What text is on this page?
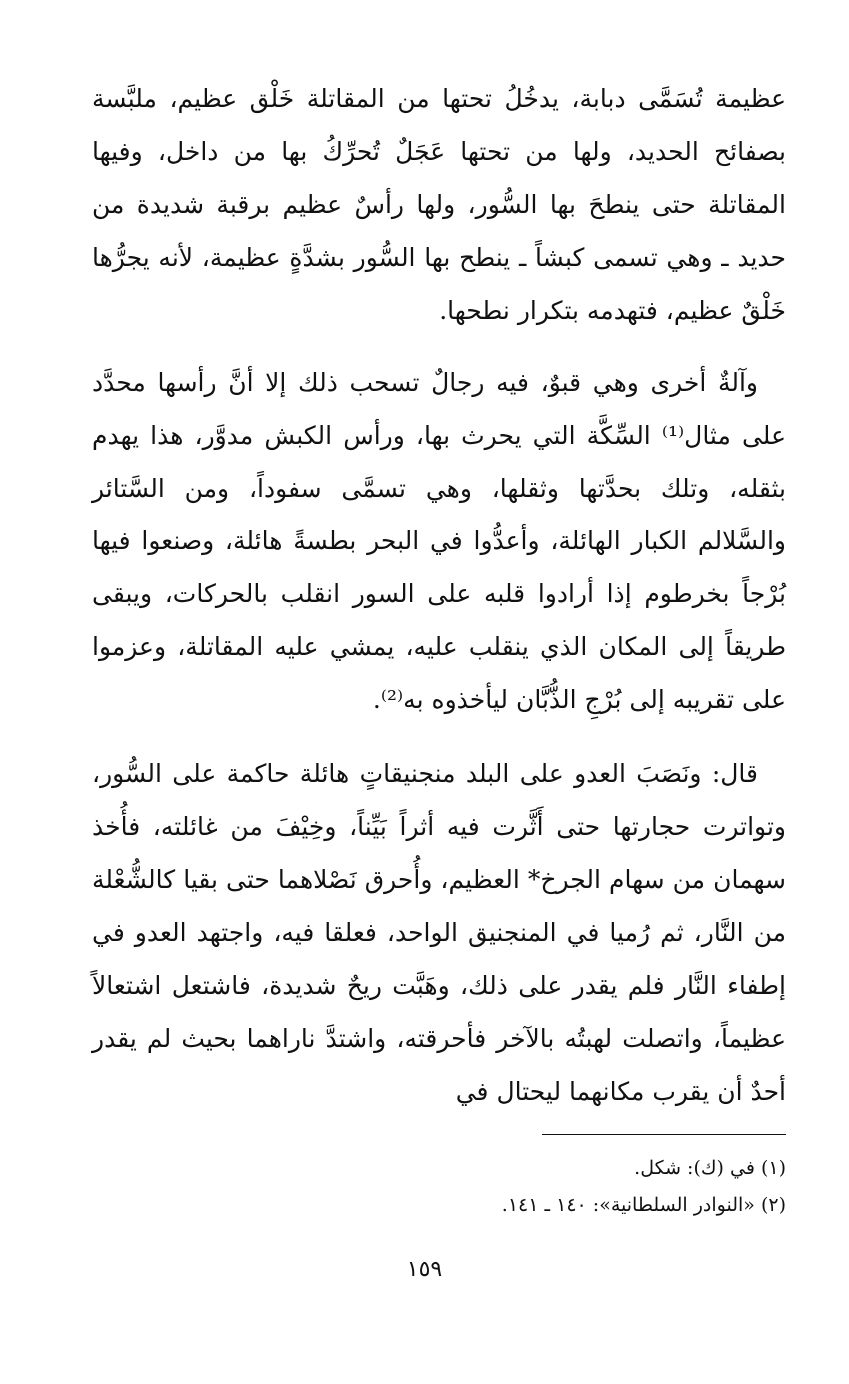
عظيمة تُسَمَّى دبابة، يدخُلُ تحتها من المقاتلة خَلْق عظيم، ملبَّسة بصفائح الحديد، ولها من تحتها عَجَلٌ تُحرِّكُ بها من داخل، وفيها المقاتلة حتى ينطحَ بها السُّور، ولها رأسٌ عظيم برقبة شديدة من حديد ـ وهي تسمى كبشاً ـ ينطح بها السُّور بشدَّةٍ عظيمة، لأنه يجرُّها خَلْقٌ عظيم، فتهدمه بتكرار نطحها.

وآلةٌ أخرى وهي قبوٌ، فيه رجالٌ تسحب ذلك إلا أنَّ رأسها محدَّد على مثال⁽¹⁾ السِّكَّة التي يحرث بها، ورأس الكبش مدوَّر، هذا يهدم بثقله، وتلك بحدَّتها وثقلها، وهي تسمَّى سفوداً، ومن السَّتائر والسَّلالم الكبار الهائلة، وأعدُّوا في البحر بطسةً هائلة، وصنعوا فيها بُرْجاً بخرطوم إذا أرادوا قلبه على السور انقلب بالحركات، ويبقى طريقاً إلى المكان الذي ينقلب عليه، يمشي عليه المقاتلة، وعزموا على تقريبه إلى بُرْجِ الذُّبَّان ليأخذوه به⁽²⁾.

قال: ونَصَبَ العدو على البلد منجنيقاتٍ هائلة حاكمة على السُّور، وتواترت حجارتها حتى أَثَّرت فيه أثراً بَيِّناً، وخِيْفَ من غائلته، فأُخذ سهمان من سهام الجرخ* العظيم، وأُحرق نَصْلاهما حتى بقيا كالشُّعْلة من النَّار، ثم رُميا في المنجنيق الواحد، فعلقا فيه، واجتهد العدو في إطفاء النَّار فلم يقدر على ذلك، وهَبَّت ريحٌ شديدة، فاشتعل اشتعالاً عظيماً، واتصلت لهبتُه بالآخر فأحرقته، واشتدَّ ناراهما بحيث لم يقدر أحدٌ أن يقرب مكانهما ليحتال في

(١) في (ك): شكل.

(٢) «النوادر السلطانية»: ١٤٠ ـ ١٤١.

١٥٩
